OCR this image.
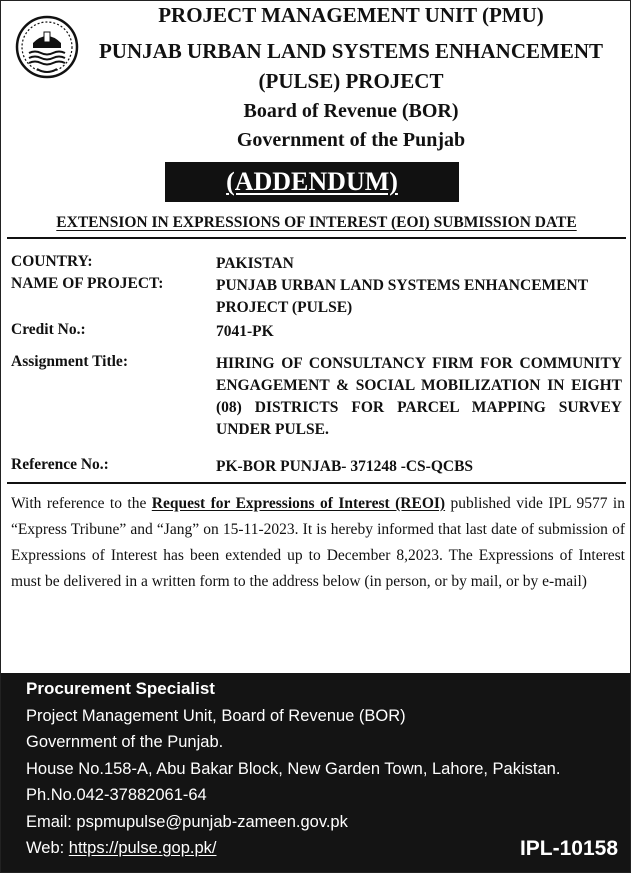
PROJECT MANAGEMENT UNIT (PMU)
PUNJAB URBAN LAND SYSTEMS ENHANCEMENT
(PULSE) PROJECT
Board of Revenue (BOR)
Government of the Punjab
(ADDENDUM)
EXTENSION IN EXPRESSIONS OF INTEREST (EOI) SUBMISSION DATE
COUNTRY:	PAKISTAN
NAME OF PROJECT:	PUNJAB URBAN LAND SYSTEMS ENHANCEMENT PROJECT (PULSE)
Credit No.:	7041-PK
Assignment Title:	HIRING OF CONSULTANCY FIRM FOR COMMUNITY ENGAGEMENT & SOCIAL MOBILIZATION IN EIGHT (08) DISTRICTS FOR PARCEL MAPPING SURVEY UNDER PULSE.
Reference No.:	PK-BOR PUNJAB- 371248 -CS-QCBS
With reference to the Request for Expressions of Interest (REOI) published vide IPL 9577 in “Express Tribune” and “Jang” on 15-11-2023. It is hereby informed that last date of submission of Expressions of Interest has been extended up to December 8,2023. The Expressions of Interest must be delivered in a written form to the address below (in person, or by mail, or by e-mail)
Procurement Specialist
Project Management Unit, Board of Revenue (BOR)
Government of the Punjab.
House No.158-A, Abu Bakar Block, New Garden Town, Lahore, Pakistan.
Ph.No.042-37882061-64
Email: pspmupulse@punjab-zameen.gov.pk
Web: https://pulse.gop.pk/	IPL-10158
